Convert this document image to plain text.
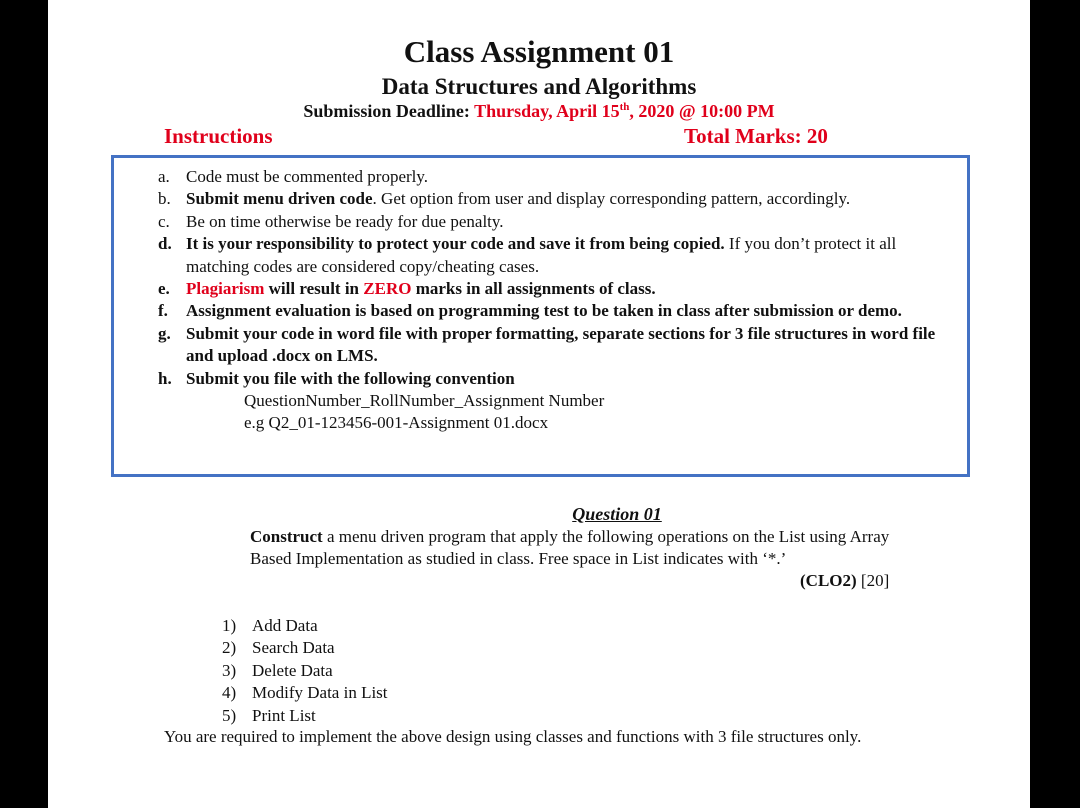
Class Assignment 01
Data Structures and Algorithms
Submission Deadline: Thursday, April 15th, 2020 @ 10:00 PM
Instructions	Total Marks: 20
a. Code must be commented properly.
b. Submit menu driven code. Get option from user and display corresponding pattern, accordingly.
c. Be on time otherwise be ready for due penalty.
d. It is your responsibility to protect your code and save it from being copied. If you don’t protect it all matching codes are considered copy/cheating cases.
e. Plagiarism will result in ZERO marks in all assignments of class.
f.	Assignment evaluation is based on programming test to be taken in class after submission or demo.
g. Submit your code in word file with proper formatting, separate sections for 3 file structures in word file and upload .docx on LMS.
h. Submit you file with the following convention
QuestionNumber_RollNumber_Assignment Number
e.g Q2_01-123456-001-Assignment 01.docx
Question 01
Construct a menu driven program that apply the following operations on the List using Array Based Implementation as studied in class. Free space in List indicates with ‘*.’
(CLO2) [20]
1) Add Data
2) Search Data
3) Delete Data
4) Modify Data in List
5) Print List
You are required to implement the above design using classes and functions with 3 file structures only.
